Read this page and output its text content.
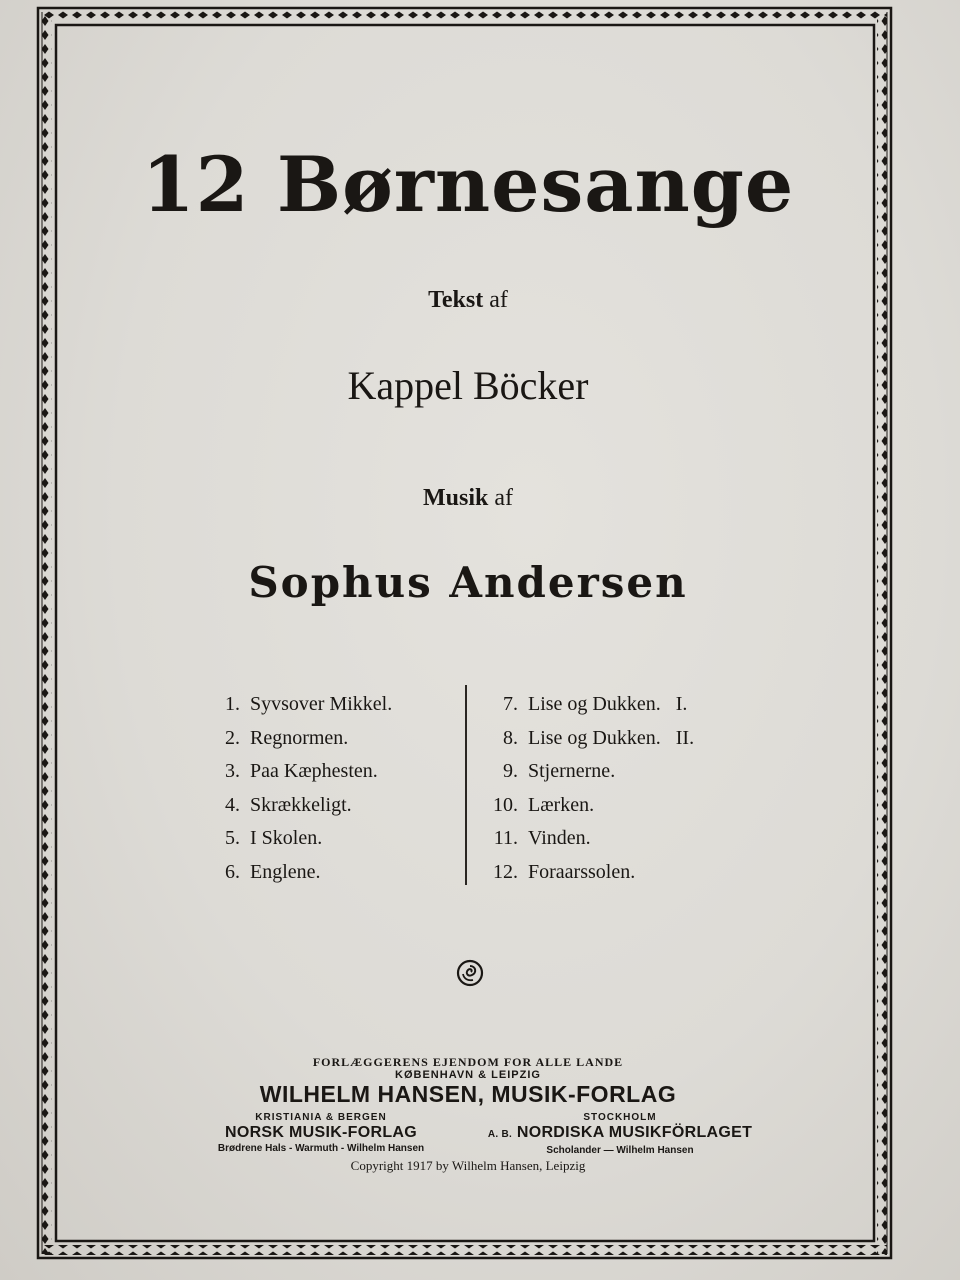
12 Børnesange
Tekst af
Kappel Böcker
Musik af
Sophus Andersen
1. Syvsover Mikkel.
2. Regnormen.
3. Paa Kæphesten.
4. Skrækkeligt.
5. I Skolen.
6. Englene.
7. Lise og Dukken.   I.
8. Lise og Dukken.   II.
9. Stjernerne.
10. Lærken.
11. Vinden.
12. Foraarssolen.
FORLÆGGERENS EJENDOM FOR ALLE LANDE
KØBENHAVN & LEIPZIG
WILHELM HANSEN, MUSIK-FORLAG
KRISTIANIA & BERGEN
NORSK MUSIK-FORLAG
Brødrene Hals - Warmuth - Wilhelm Hansen
STOCKHOLM
A. B. NORDISKA MUSIKFÖRLAGET
Scholander — Wilhelm Hansen
Copyright 1917 by Wilhelm Hansen, Leipzig
